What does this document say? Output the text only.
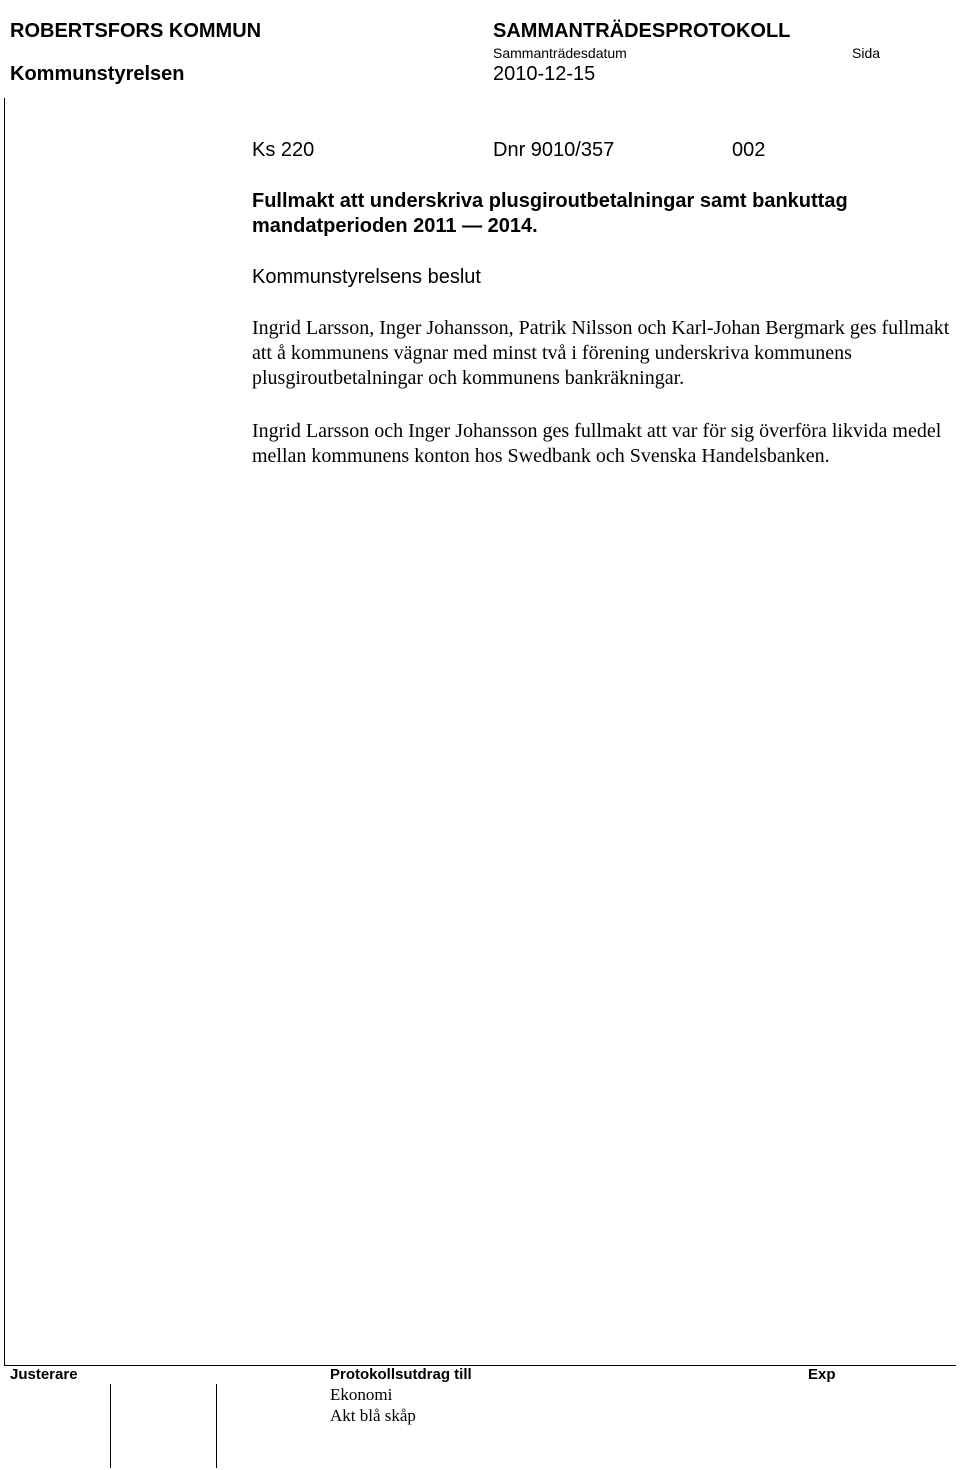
ROBERTSFORS KOMMUN	SAMMANTRÄDESPROTOKOLL
Sammanträdesdatum	Sida
Kommunstyrelsen	2010-12-15
Ks 220	Dnr 9010/357	002
Fullmakt att underskriva plusgiroutbetalningar samt bankuttag
mandatperioden 2011 — 2014.
Kommunstyrelsens beslut
Ingrid Larsson, Inger Johansson, Patrik Nilsson och Karl-Johan Bergmark ges fullmakt att å kommunens vägnar med minst två i förening underskriva kommunens plusgiroutbetalningar och kommunens bankräkningar.
Ingrid Larsson och Inger Johansson ges fullmakt att var för sig överföra likvida medel mellan kommunens konton hos Swedbank och Svenska Handelsbanken.
Justerare	Protokollsutdrag till	Exp
Ekonomi
Akt blå skåp
